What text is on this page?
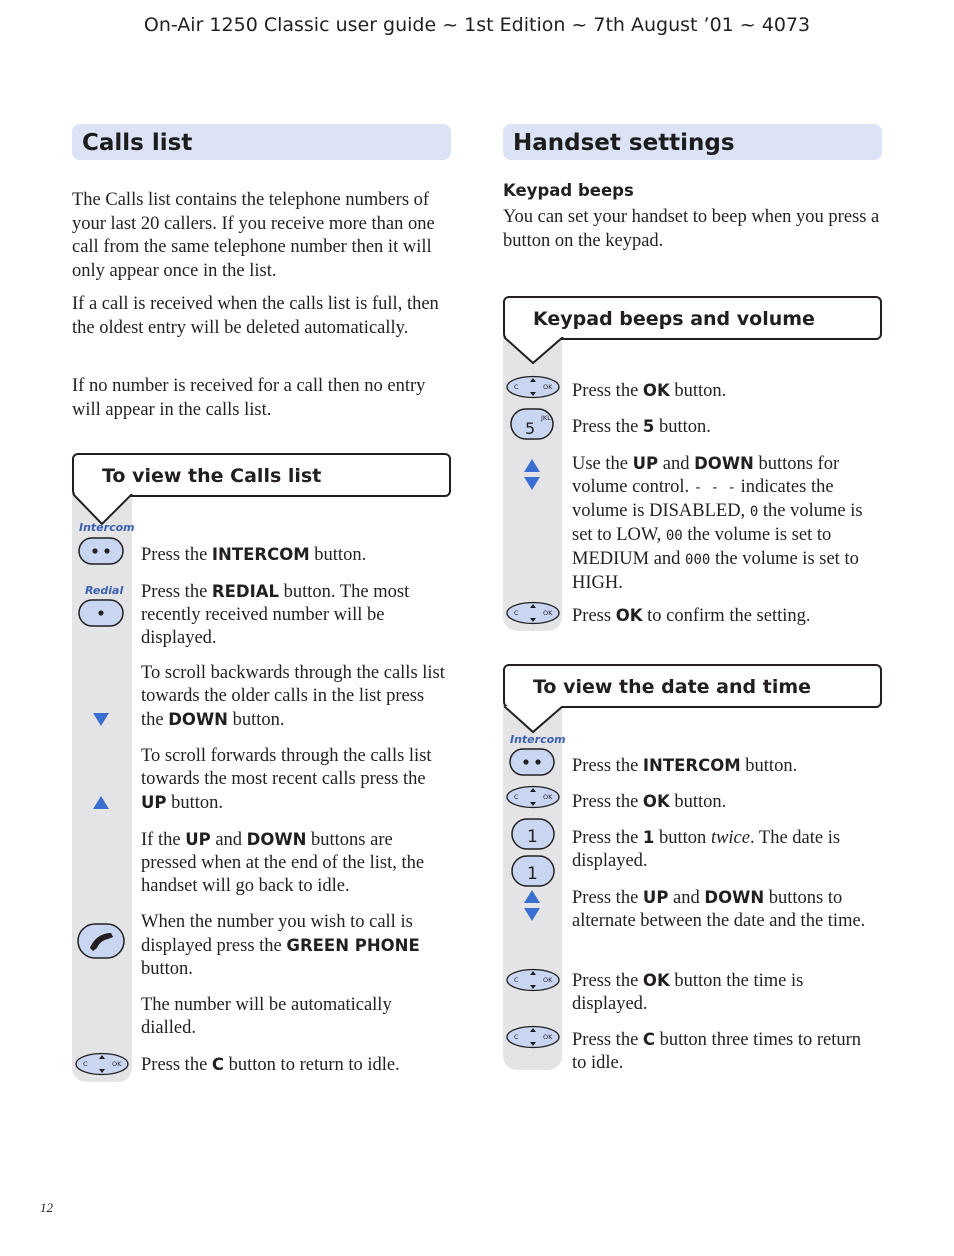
On-Air 1250 Classic user guide ~ 1st Edition ~ 7th August ’01 ~ 4073
Calls list

The Calls list contains the telephone numbers of your last 20 callers. If you receive more than one call from the same telephone number then it will only appear once in the list.

If a call is received when the calls list is full, then the oldest entry will be deleted automatically.

If no number is received for a call then no entry will appear in the calls list.

To view the Calls list
Intercom
Redial
C	OK

Press the INTERCOM button.

Press the REDIAL button. The most recently received number will be displayed.

To scroll backwards through the calls list towards the older calls in the list press the DOWN button.

To scroll forwards through the calls list towards the most recent calls press the UP button.

If the UP and DOWN buttons are pressed when at the end of the list, the handset will go back to idle.

When the number you wish to call is displayed press the GREEN PHONE button.

The number will be automatically dialled.

Press the C button to return to idle.

Handset settings
Keypad beeps

You can set your handset to beep when you press a button on the keypad.

Keypad beeps and volume
C	OK
JKL
5
C	OK

Press the OK button.

Press the 5 button.

Use the UP and DOWN buttons for volume control. - - - indicates the volume is DISABLED, 0 the volume is set to LOW, 00 the volume is set to MEDIUM and 000 the volume is set to HIGH.

Press OK to confirm the setting.

To view the date and time
Intercom
C	OK
1
1
C	OK
C	OK

Press the INTERCOM button.

Press the OK button.

Press the 1 button twice. The date is displayed.

Press the UP and DOWN buttons to alternate between the date and the time.

Press the OK button the time is displayed.

Press the C button three times to return to idle.

12
